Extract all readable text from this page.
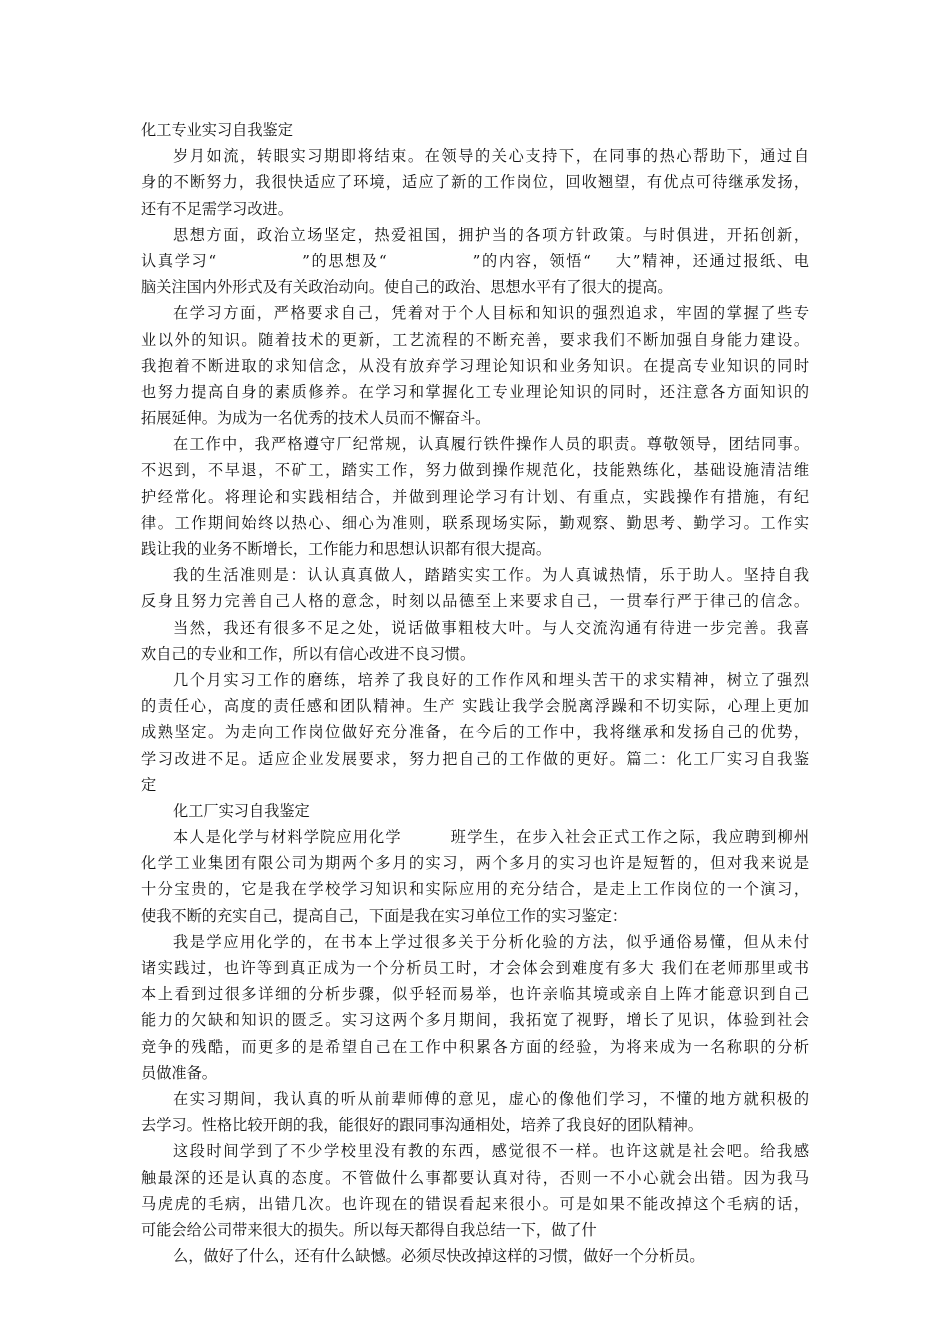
化工专业实习自我鉴定
岁月如流，转眼实习期即将结束。在领导的关心支持下，在同事的热心帮助下，通过自
身的不断努力，我很快适应了环境，适应了新的工作岗位，回收翘望，有优点可待继承发扬，
还有不足需学习改进。
思想方面，政治立场坚定，热爱祖国，拥护当的各项方针政策。与时俱进，开拓创新，
认真学习“　　　　　”的思想及“　　　　　”的内容，领悟“　 大”精神，还通过报纸、电
脑关注国内外形式及有关政治动向。使自己的政治、思想水平有了很大的提高。
在学习方面，严格要求自己，凭着对于个人目标和知识的强烈追求，牢固的掌握了些专
业以外的知识。随着技术的更新，工艺流程的不断充善，要求我们不断加强自身能力建设。
我抱着不断进取的求知信念，从没有放弃学习理论知识和业务知识。在提高专业知识的同时
也努力提高自身的素质修养。在学习和掌握化工专业理论知识的同时，还注意各方面知识的
拓展延伸。为成为一名优秀的技术人员而不懈奋斗。
在工作中，我严格遵守厂纪常规，认真履行铁件操作人员的职责。尊敬领导，团结同事。
不迟到，不早退，不矿工，踏实工作，努力做到操作规范化，技能熟练化，基础设施清洁维
护经常化。将理论和实践相结合，并做到理论学习有计划、有重点，实践操作有措施，有纪
律。工作期间始终以热心、细心为准则，联系现场实际，勤观察、勤思考、勤学习。工作实
践让我的业务不断增长，工作能力和思想认识都有很大提高。
我的生活准则是：认认真真做人，踏踏实实工作。为人真诚热情，乐于助人。坚持自我
反身且努力完善自己人格的意念，时刻以品德至上来要求自己，一贯奉行严于律己的信念。
当然，我还有很多不足之处，说话做事粗枝大叶。与人交流沟通有待进一步完善。我喜
欢自己的专业和工作，所以有信心改进不良习惯。
几个月实习工作的磨练，培养了我良好的工作作风和埋头苦干的求实精神，树立了强烈
的责任心，高度的责任感和团队精神。生产 实践让我学会脱离浮躁和不切实际，心理上更加
成熟坚定。为走向工作岗位做好充分准备，在今后的工作中，我将继承和发扬自己的优势，
学习改进不足。适应企业发展要求，努力把自己的工作做的更好。篇二：化工厂实习自我鉴
定
化工厂实习自我鉴定
本人是化学与材料学院应用化学　　　班学生，在步入社会正式工作之际，我应聘到柳州
化学工业集团有限公司为期两个多月的实习，两个多月的实习也许是短暂的，但对我来说是
十分宝贵的，它是我在学校学习知识和实际应用的充分结合，是走上工作岗位的一个演习，
使我不断的充实自己，提高自己，下面是我在实习单位工作的实习鉴定：
我是学应用化学的，在书本上学过很多关于分析化验的方法，似乎通俗易懂，但从未付
诸实践过，也许等到真正成为一个分析员工时，才会体会到难度有多大 我们在老师那里或书
本上看到过很多详细的分析步骤，似乎轻而易举，也许亲临其境或亲自上阵才能意识到自己
能力的欠缺和知识的匮乏。实习这两个多月期间，我拓宽了视野，增长了见识，体验到社会
竞争的残酷，而更多的是希望自己在工作中积累各方面的经验，为将来成为一名称职的分析
员做准备。
在实习期间，我认真的听从前辈师傅的意见，虚心的像他们学习，不懂的地方就积极的
去学习。性格比较开朗的我，能很好的跟同事沟通相处，培养了我良好的团队精神。
这段时间学到了不少学校里没有教的东西，感觉很不一样。也许这就是社会吧。给我感
触最深的还是认真的态度。不管做什么事都要认真对待，否则一不小心就会出错。因为我马
马虎虎的毛病，出错几次。也许现在的错误看起来很小。可是如果不能改掉这个毛病的话，
可能会给公司带来很大的损失。所以每天都得自我总结一下，做了什
么，做好了什么，还有什么缺憾。必须尽快改掉这样的习惯，做好一个分析员。
